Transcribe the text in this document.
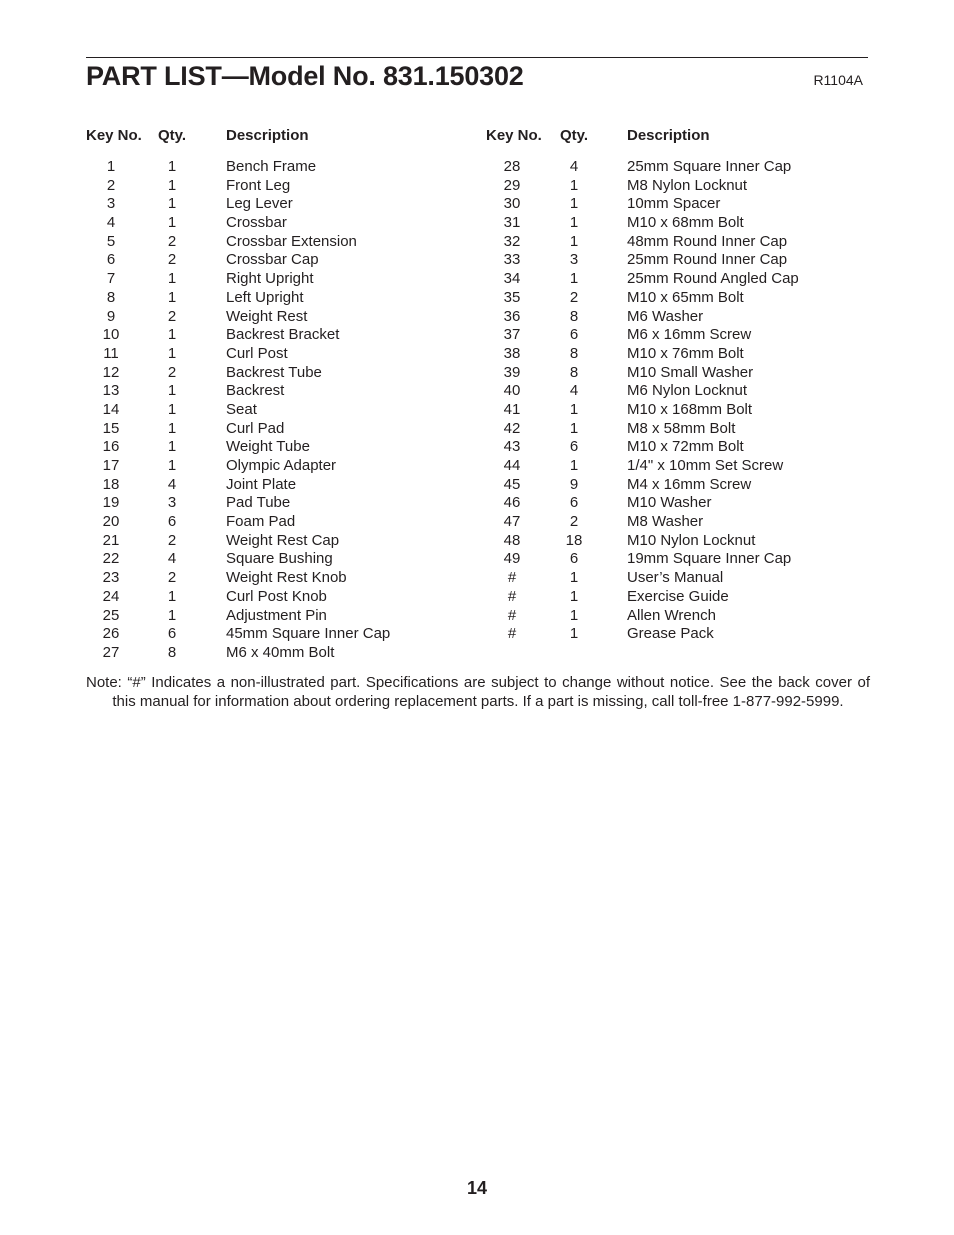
PART LIST—Model No. 831.150302	R1104A
Key No. Qty.	Description
1	1	Bench Frame
2	1	Front Leg
3	1	Leg Lever
4	1	Crossbar
5	2	Crossbar Extension
6	2	Crossbar Cap
7	1	Right Upright
8	1	Left Upright
9	2	Weight Rest
10	1	Backrest Bracket
11	1	Curl Post
12	2	Backrest Tube
13	1	Backrest
14	1	Seat
15	1	Curl Pad
16	1	Weight Tube
17	1	Olympic Adapter
18	4	Joint Plate
19	3	Pad Tube
20	6	Foam Pad
21	2	Weight Rest Cap
22	4	Square Bushing
23	2	Weight Rest Knob
24	1	Curl Post Knob
25	1	Adjustment Pin
26	6	45mm Square Inner Cap
27	8	M6 x 40mm Bolt
Key No. Qty.	Description
28	4	25mm Square Inner Cap
29	1	M8 Nylon Locknut
30	1	10mm Spacer
31	1	M10 x 68mm Bolt
32	1	48mm Round Inner Cap
33	3	25mm Round Inner Cap
34	1	25mm Round Angled Cap
35	2	M10 x 65mm Bolt
36	8	M6 Washer
37	6	M6 x 16mm Screw
38	8	M10 x 76mm Bolt
39	8	M10 Small Washer
40	4	M6 Nylon Locknut
41	1	M10 x 168mm Bolt
42	1	M8 x 58mm Bolt
43	6	M10 x 72mm Bolt
44	1	1/4" x 10mm Set Screw
45	9	M4 x 16mm Screw
46	6	M10 Washer
47	2	M8 Washer
48	18	M10 Nylon Locknut
49	6	19mm Square Inner Cap
#	1	User’s Manual
#	1	Exercise Guide
#	1	Allen Wrench
#	1	Grease Pack
Note: “#” Indicates a non-illustrated part. Specifications are subject to change without notice. See the back cover of this manual for information about ordering replacement parts. If a part is missing, call toll-free 1-877-992-5999.
14
